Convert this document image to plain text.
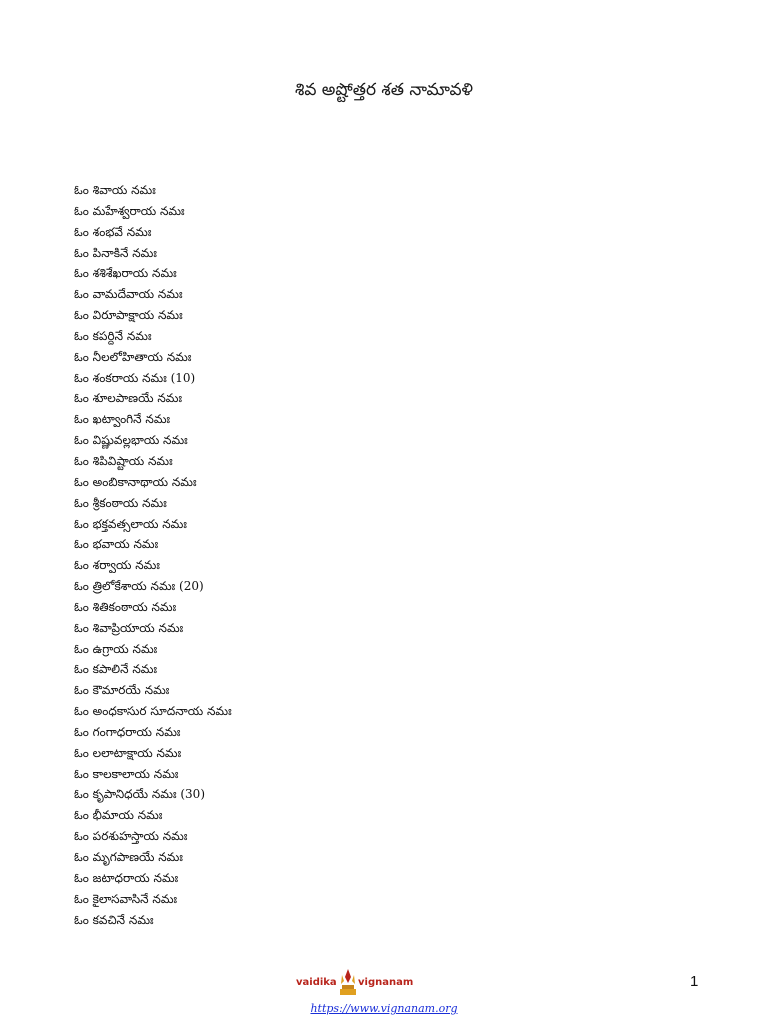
శివ అష్టోత్తర శత నామావళి
ఓం శివాయ నమః
ఓం మహేశ్వరాయ నమః
ఓం శంభవే నమః
ఓం పినాకినే నమః
ఓం శశిశేఖరాయ నమః
ఓం వామదేవాయ నమః
ఓం విరూపాక్షాయ నమః
ఓం కపర్దినే నమః
ఓం నీలలోహితాయ నమః
ఓం శంకరాయ నమః (10)
ఓం శూలపాణయే నమః
ఓం ఖట్వాంగినే నమః
ఓం విష్ణువల్లభాయ నమః
ఓం శిపివిష్టాయ నమః
ఓం అంబికానాథాయ నమః
ఓం శ్రీకంఠాయ నమః
ఓం భక్తవత్సలాయ నమః
ఓం భవాయ నమః
ఓం శర్వాయ నమః
ఓం త్రిలోకేశాయ నమః (20)
ఓం శితికంఠాయ నమః
ఓం శివాప్రియాయ నమః
ఓం ఉగ్రాయ నమః
ఓం కపాలినే నమః
ఓం కౌమారయే నమః
ఓం అంధకాసుర సూదనాయ నమః
ఓం గంగాధరాయ నమః
ఓం లలాటాక్షాయ నమః
ఓం కాలకాలాయ నమః
ఓం కృపానిధయే నమః (30)
ఓం భీమాయ నమః
ఓం పరశుహస్తాయ నమః
ఓం మృగపాణయే నమః
ఓం జటాధరాయ నమః
ఓం కైలాసవాసినే నమః
ఓం కవచినే నమః
vaidika vignanam
https://www.vignanam.org
1
